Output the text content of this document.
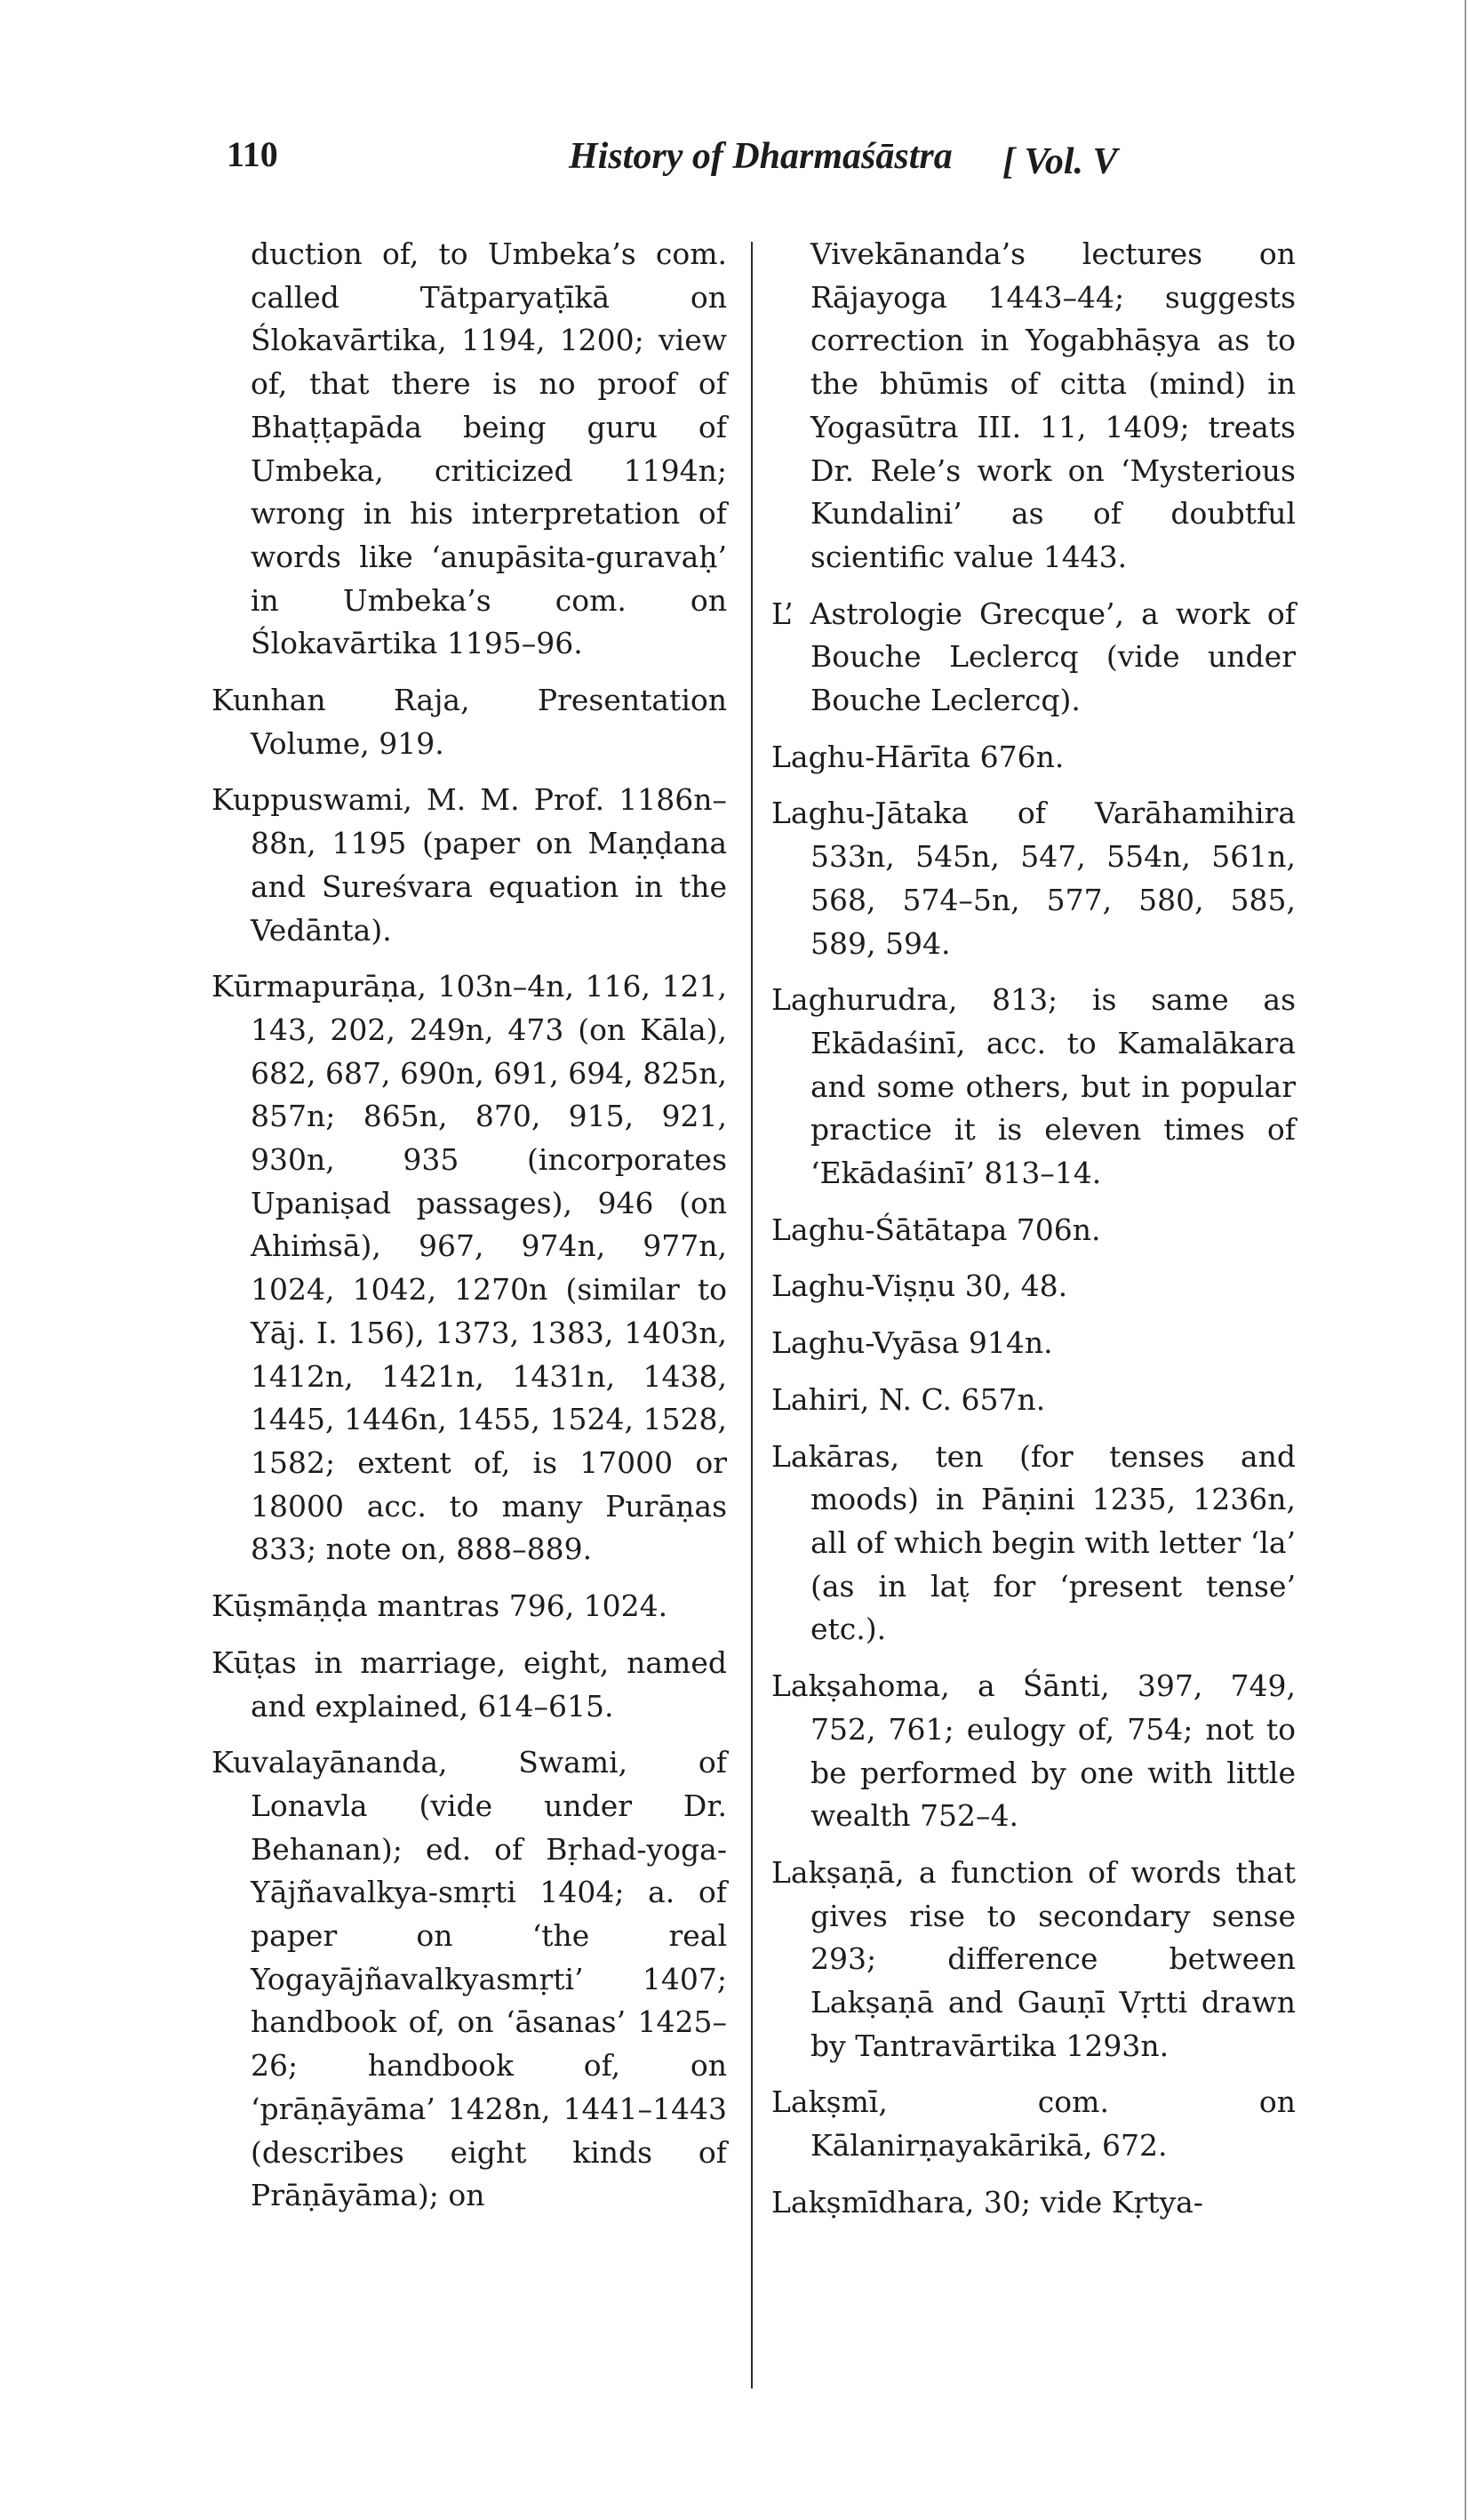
110	History of Dharmaśāstra [ Vol. V

duction of, to Umbeka’s com. called Tātparyaṭīkā on Ślokavārtika, 1194, 1200; view of, that there is no proof of Bhaṭṭapāda being guru of Umbeka, criticized 1194n; wrong in his interpretation of words like ‘anupāsita-guravaḥ’ in Umbeka’s com. on Ślokavārtika 1195–96.

Kunhan Raja, Presentation Volume, 919.

Kuppuswami, M. M. Prof. 1186n–88n, 1195 (paper on Maṇḍana and Sureśvara equation in the Vedānta).

Kūrmapurāṇa, 103n–4n, 116, 121, 143, 202, 249n, 473 (on Kāla), 682, 687, 690n, 691, 694, 825n, 857n; 865n, 870, 915, 921, 930n, 935 (incorporates Upaniṣad passages), 946 (on Ahiṁsā), 967, 974n, 977n, 1024, 1042, 1270n (similar to Yāj. I. 156), 1373, 1383, 1403n, 1412n, 1421n, 1431n, 1438, 1445, 1446n, 1455, 1524, 1528, 1582; extent of, is 17000 or 18000 acc. to many Purāṇas 833; note on, 888–889.

Kūṣmāṇḍa mantras 796, 1024.

Kūṭas in marriage, eight, named and explained, 614–615.

Kuvalayānanda, Swami, of Lonavla (vide under Dr. Behanan); ed. of Bṛhad-yoga-Yājñavalkya-smṛti 1404; a. of paper on ‘the real Yogayājñavalkyasmṛti’ 1407; handbook of, on ‘āsanas’ 1425–26; handbook of, on ‘prāṇāyāma’ 1428n, 1441–1443 (describes eight kinds of Prāṇāyāma); on

Vivekānanda’s lectures on Rājayoga 1443–44; suggests correction in Yogabhāṣya as to the bhūmis of citta (mind) in Yogasūtra III. 11, 1409; treats Dr. Rele’s work on ‘Mysterious Kundalini’ as of doubtful scientific value 1443.

L’ Astrologie Grecque’, a work of Bouche Leclercq (vide under Bouche Leclercq).

Laghu-Hārīta 676n.

Laghu-Jātaka of Varāhamihira 533n, 545n, 547, 554n, 561n, 568, 574–5n, 577, 580, 585, 589, 594.

Laghurudra, 813; is same as Ekādaśinī, acc. to Kamalākara and some others, but in popular practice it is eleven times of ‘Ekādaśinī’ 813–14.

Laghu-Śātātapa 706n.

Laghu-Viṣṇu 30, 48.

Laghu-Vyāsa 914n.

Lahiri, N. C. 657n.

Lakāras, ten (for tenses and moods) in Pāṇini 1235, 1236n, all of which begin with letter ‘la’ (as in laṭ for ‘present tense’ etc.).

Lakṣahoma, a Śānti, 397, 749, 752, 761; eulogy of, 754; not to be performed by one with little wealth 752–4.

Lakṣaṇā, a function of words that gives rise to secondary sense 293; difference between Lakṣaṇā and Gauṇī Vṛtti drawn by Tantravārtika 1293n.

Lakṣmī, com. on Kālanirṇayakārikā, 672.

Lakṣmīdhara, 30; vide Kṛtya-
